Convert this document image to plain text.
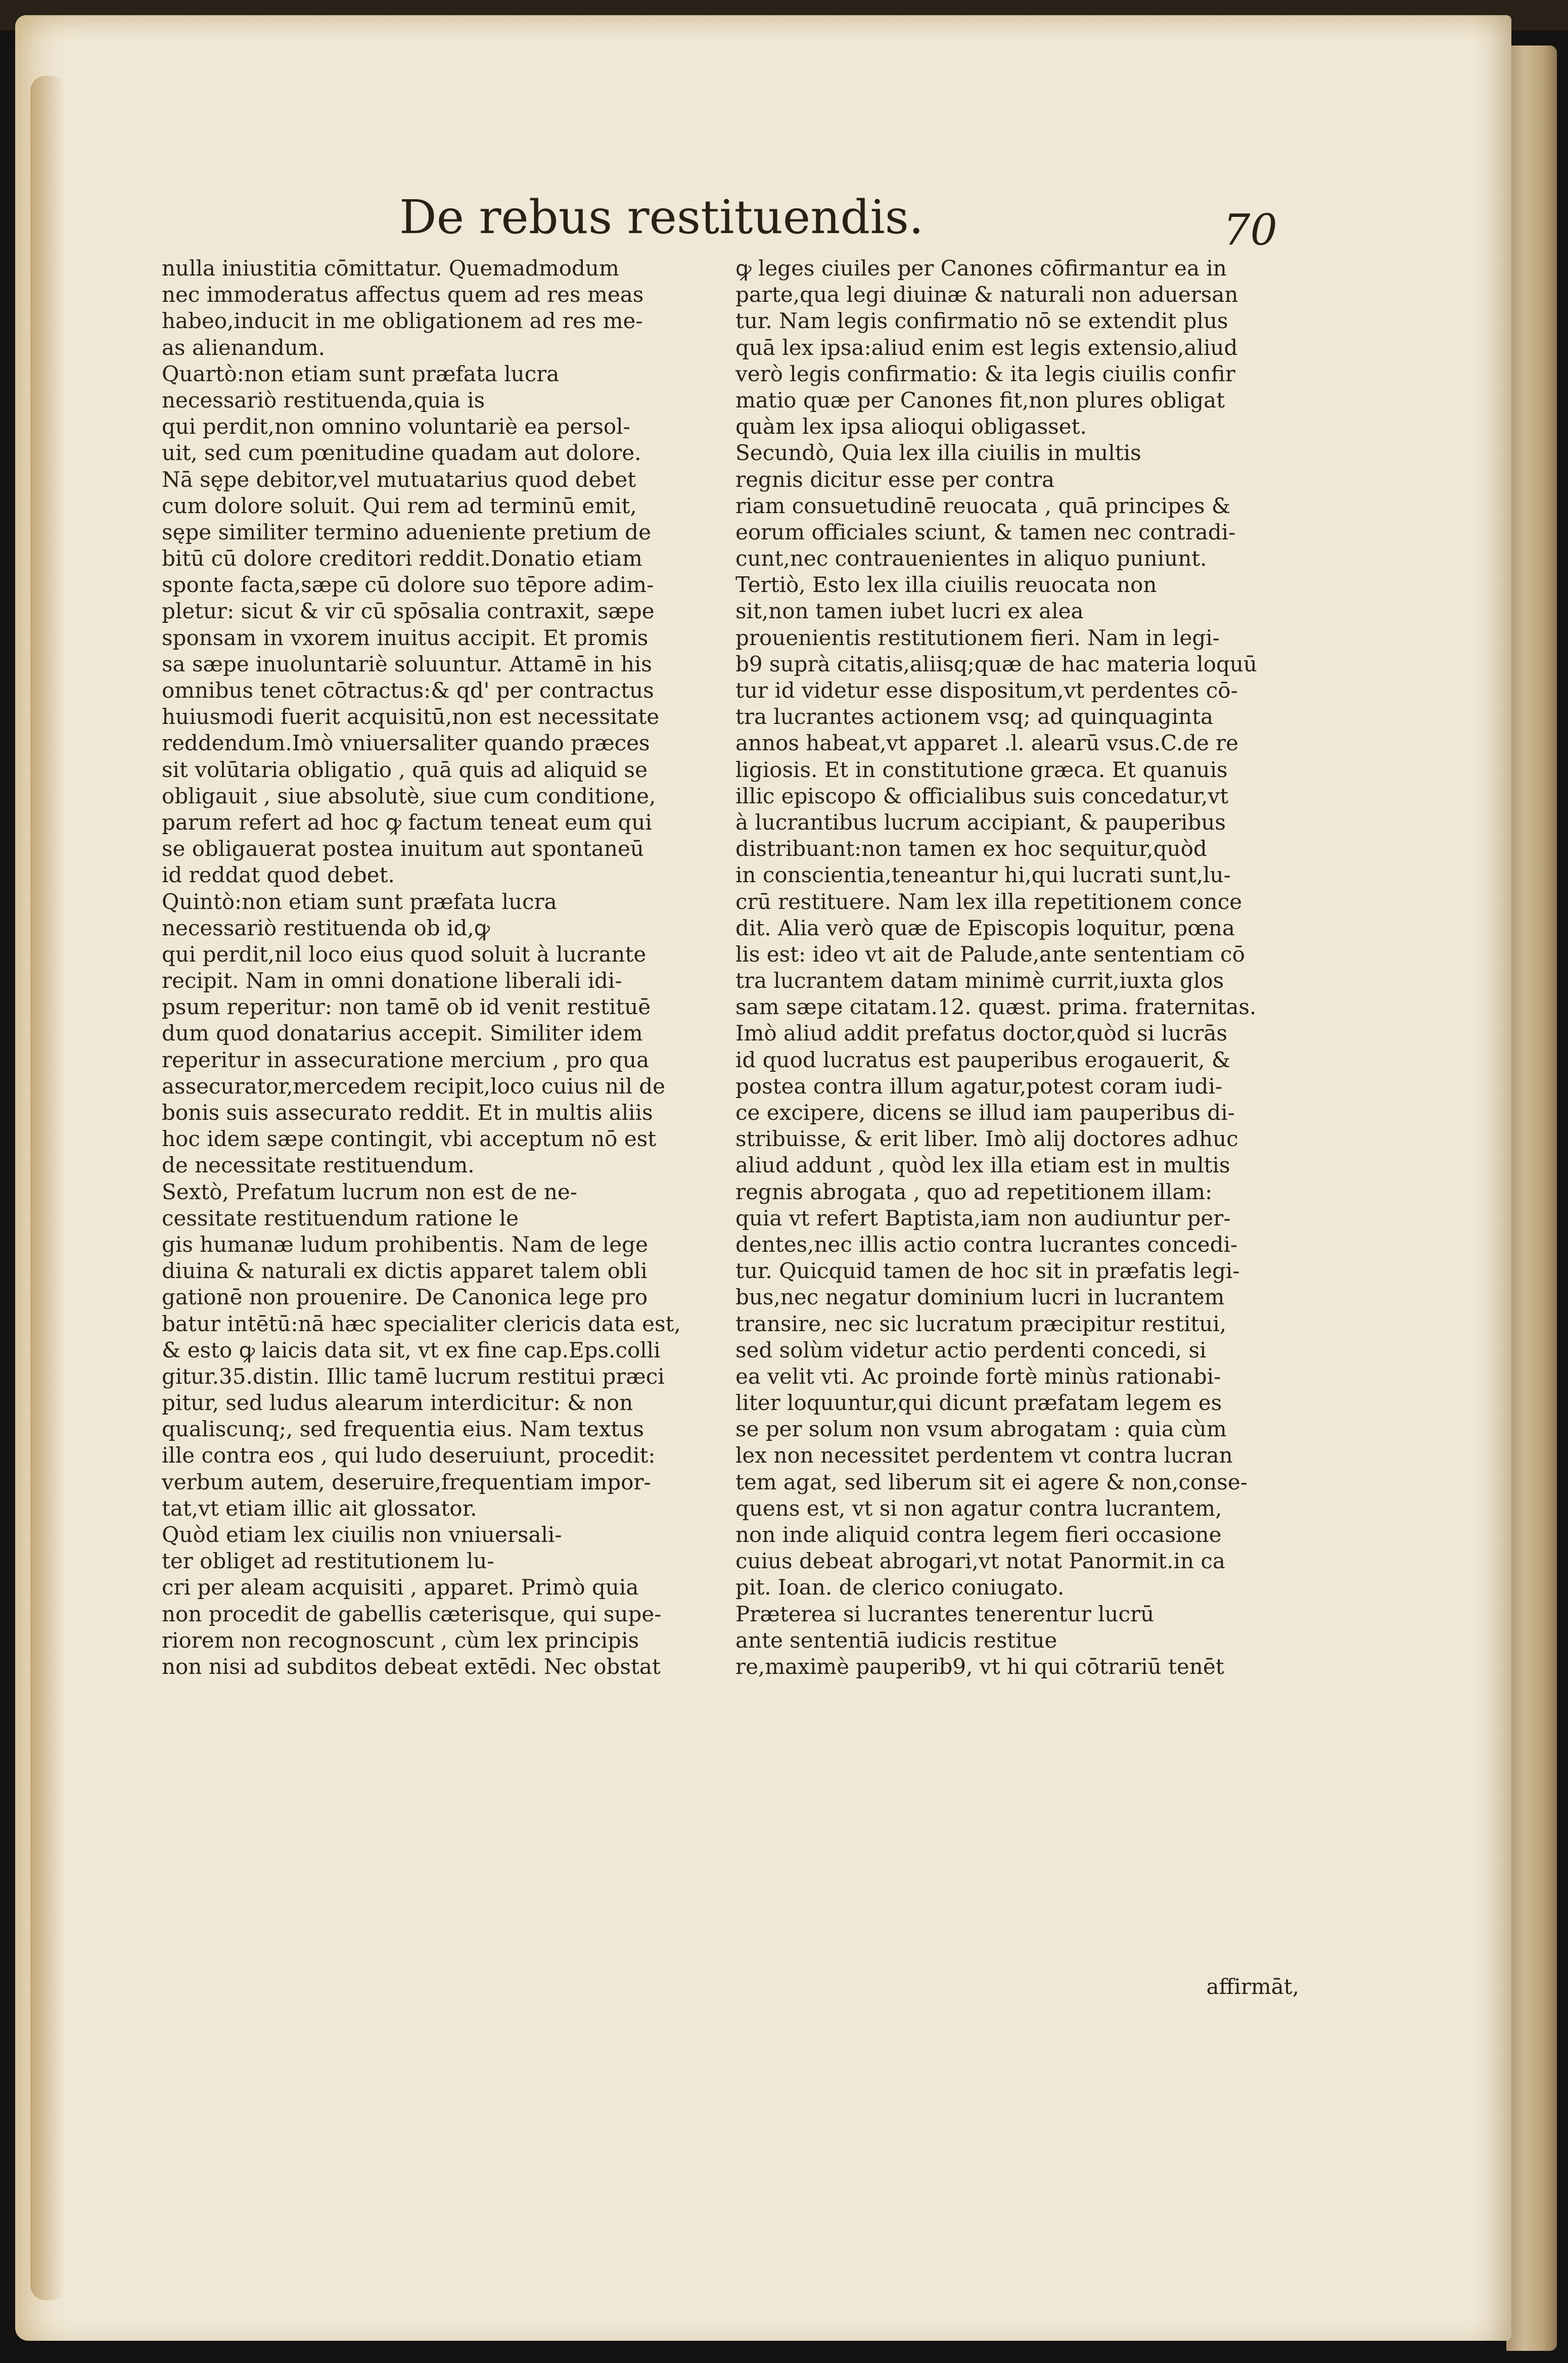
De rebus restituendis.	70
nulla iniustitia cōmittatur. Quemadmodum
nec immoderatus affectus quem ad res meas
habeo,inducit in me obligationem ad res me-
as alienandum.
Quartò:non etiam sunt præfata lucra
necessariò restituenda,quia is
qui perdit,non omnino voluntariè ea persol-
uit, sed cum pœnitudine quadam aut dolore.
Nā sępe debitor,vel mutuatarius quod debet
cum dolore soluit. Qui rem ad terminū emit,
sępe similiter termino adueniente pretium de
bitū cū dolore creditori reddit.Donatio etiam
sponte facta,sæpe cū dolore suo tēpore adim-
pletur: sicut & vir cū spōsalia contraxit, sæpe
sponsam in vxorem inuitus accipit. Et promis
sa sæpe inuoluntariè soluuntur. Attamē in his
omnibus tenet cōtractus:& qd' per contractus
huiusmodi fuerit acquisitū,non est necessitate
reddendum.Imò vniuersaliter quando præces
sit volūtaria obligatio , quā quis ad aliquid se
obligauit , siue absolutè, siue cum conditione,
parum refert ad hoc ꝙ factum teneat eum qui
se obligauerat postea inuitum aut spontaneū
id reddat quod debet.
Quintò:non etiam sunt præfata lucra
necessariò restituenda ob id,ꝙ
qui perdit,nil loco eius quod soluit à lucrante
recipit. Nam in omni donatione liberali idi-
psum reperitur: non tamē ob id venit restituē
dum quod donatarius accepit. Similiter idem
reperitur in assecuratione mercium , pro qua
assecurator,mercedem recipit,loco cuius nil de
bonis suis assecurato reddit. Et in multis aliis
hoc idem sæpe contingit, vbi acceptum nō est
de necessitate restituendum.
Sextò, Prefatum lucrum non est de ne-
cessitate restituendum ratione le
gis humanæ ludum prohibentis. Nam de lege
diuina & naturali ex dictis apparet talem obli
gationē non prouenire. De Canonica lege pro
batur intētū:nā hæc specialiter clericis data est,
& esto ꝙ laicis data sit, vt ex fine cap.Eps.colli
gitur.35.distin. Illic tamē lucrum restitui præci
pitur, sed ludus alearum interdicitur: & non
qualiscunq;, sed frequentia eius. Nam textus
ille contra eos , qui ludo deseruiunt, procedit:
verbum autem, deseruire,frequentiam impor-
tat,vt etiam illic ait glossator.
Quòd etiam lex ciuilis non vniuersali-
ter obliget ad restitutionem lu-
cri per aleam acquisiti , apparet. Primò quia
non procedit de gabellis cæterisque, qui supe-
riorem non recognoscunt , cùm lex principis
non nisi ad subditos debeat extēdi. Nec obstat
ꝙ leges ciuiles per Canones cōfirmantur ea in
parte,qua legi diuinæ & naturali non aduersan
tur. Nam legis confirmatio nō se extendit plus
quā lex ipsa:aliud enim est legis extensio,aliud
verò legis confirmatio: & ita legis ciuilis confir
matio quæ per Canones fit,non plures obligat
quàm lex ipsa alioqui obligasset.
Secundò, Quia lex illa ciuilis in multis
regnis dicitur esse per contra
riam consuetudinē reuocata , quā principes &
eorum officiales sciunt, & tamen nec contradi-
cunt,nec contrauenientes in aliquo puniunt.
Tertiò, Esto lex illa ciuilis reuocata non
sit,non tamen iubet lucri ex alea
prouenientis restitutionem fieri. Nam in legi-
b9 suprà citatis,aliisq;quæ de hac materia loquū
tur id videtur esse dispositum,vt perdentes cō-
tra lucrantes actionem vsq; ad quinquaginta
annos habeat,vt apparet .l. alearū vsus.C.de re
ligiosis. Et in constitutione græca. Et quanuis
illic episcopo & officialibus suis concedatur,vt
à lucrantibus lucrum accipiant, & pauperibus
distribuant:non tamen ex hoc sequitur,quòd
in conscientia,teneantur hi,qui lucrati sunt,lu-
crū restituere. Nam lex illa repetitionem conce
dit. Alia verò quæ de Episcopis loquitur, pœna
lis est: ideo vt ait de Palude,ante sententiam cō
tra lucrantem datam minimè currit,iuxta glos
sam sæpe citatam.12. quæst. prima. fraternitas.
Imò aliud addit prefatus doctor,quòd si lucrās
id quod lucratus est pauperibus erogauerit, &
postea contra illum agatur,potest coram iudi-
ce excipere, dicens se illud iam pauperibus di-
stribuisse, & erit liber. Imò alij doctores adhuc
aliud addunt , quòd lex illa etiam est in multis
regnis abrogata , quo ad repetitionem illam:
quia vt refert Baptista,iam non audiuntur per-
dentes,nec illis actio contra lucrantes concedi-
tur. Quicquid tamen de hoc sit in præfatis legi-
bus,nec negatur dominium lucri in lucrantem
transire, nec sic lucratum præcipitur restitui,
sed solùm videtur actio perdenti concedi, si
ea velit vti. Ac proinde fortè minùs rationabi-
liter loquuntur,qui dicunt præfatam legem es
se per solum non vsum abrogatam : quia cùm
lex non necessitet perdentem vt contra lucran
tem agat, sed liberum sit ei agere & non,conse-
quens est, vt si non agatur contra lucrantem,
non inde aliquid contra legem fieri occasione
cuius debeat abrogari,vt notat Panormit.in ca
pit. Ioan. de clerico coniugato.
Præterea si lucrantes tenerentur lucrū
ante sententiā iudicis restitue
re,maximè pauperib9, vt hi qui cōtrariū tenēt
affirmāt,
